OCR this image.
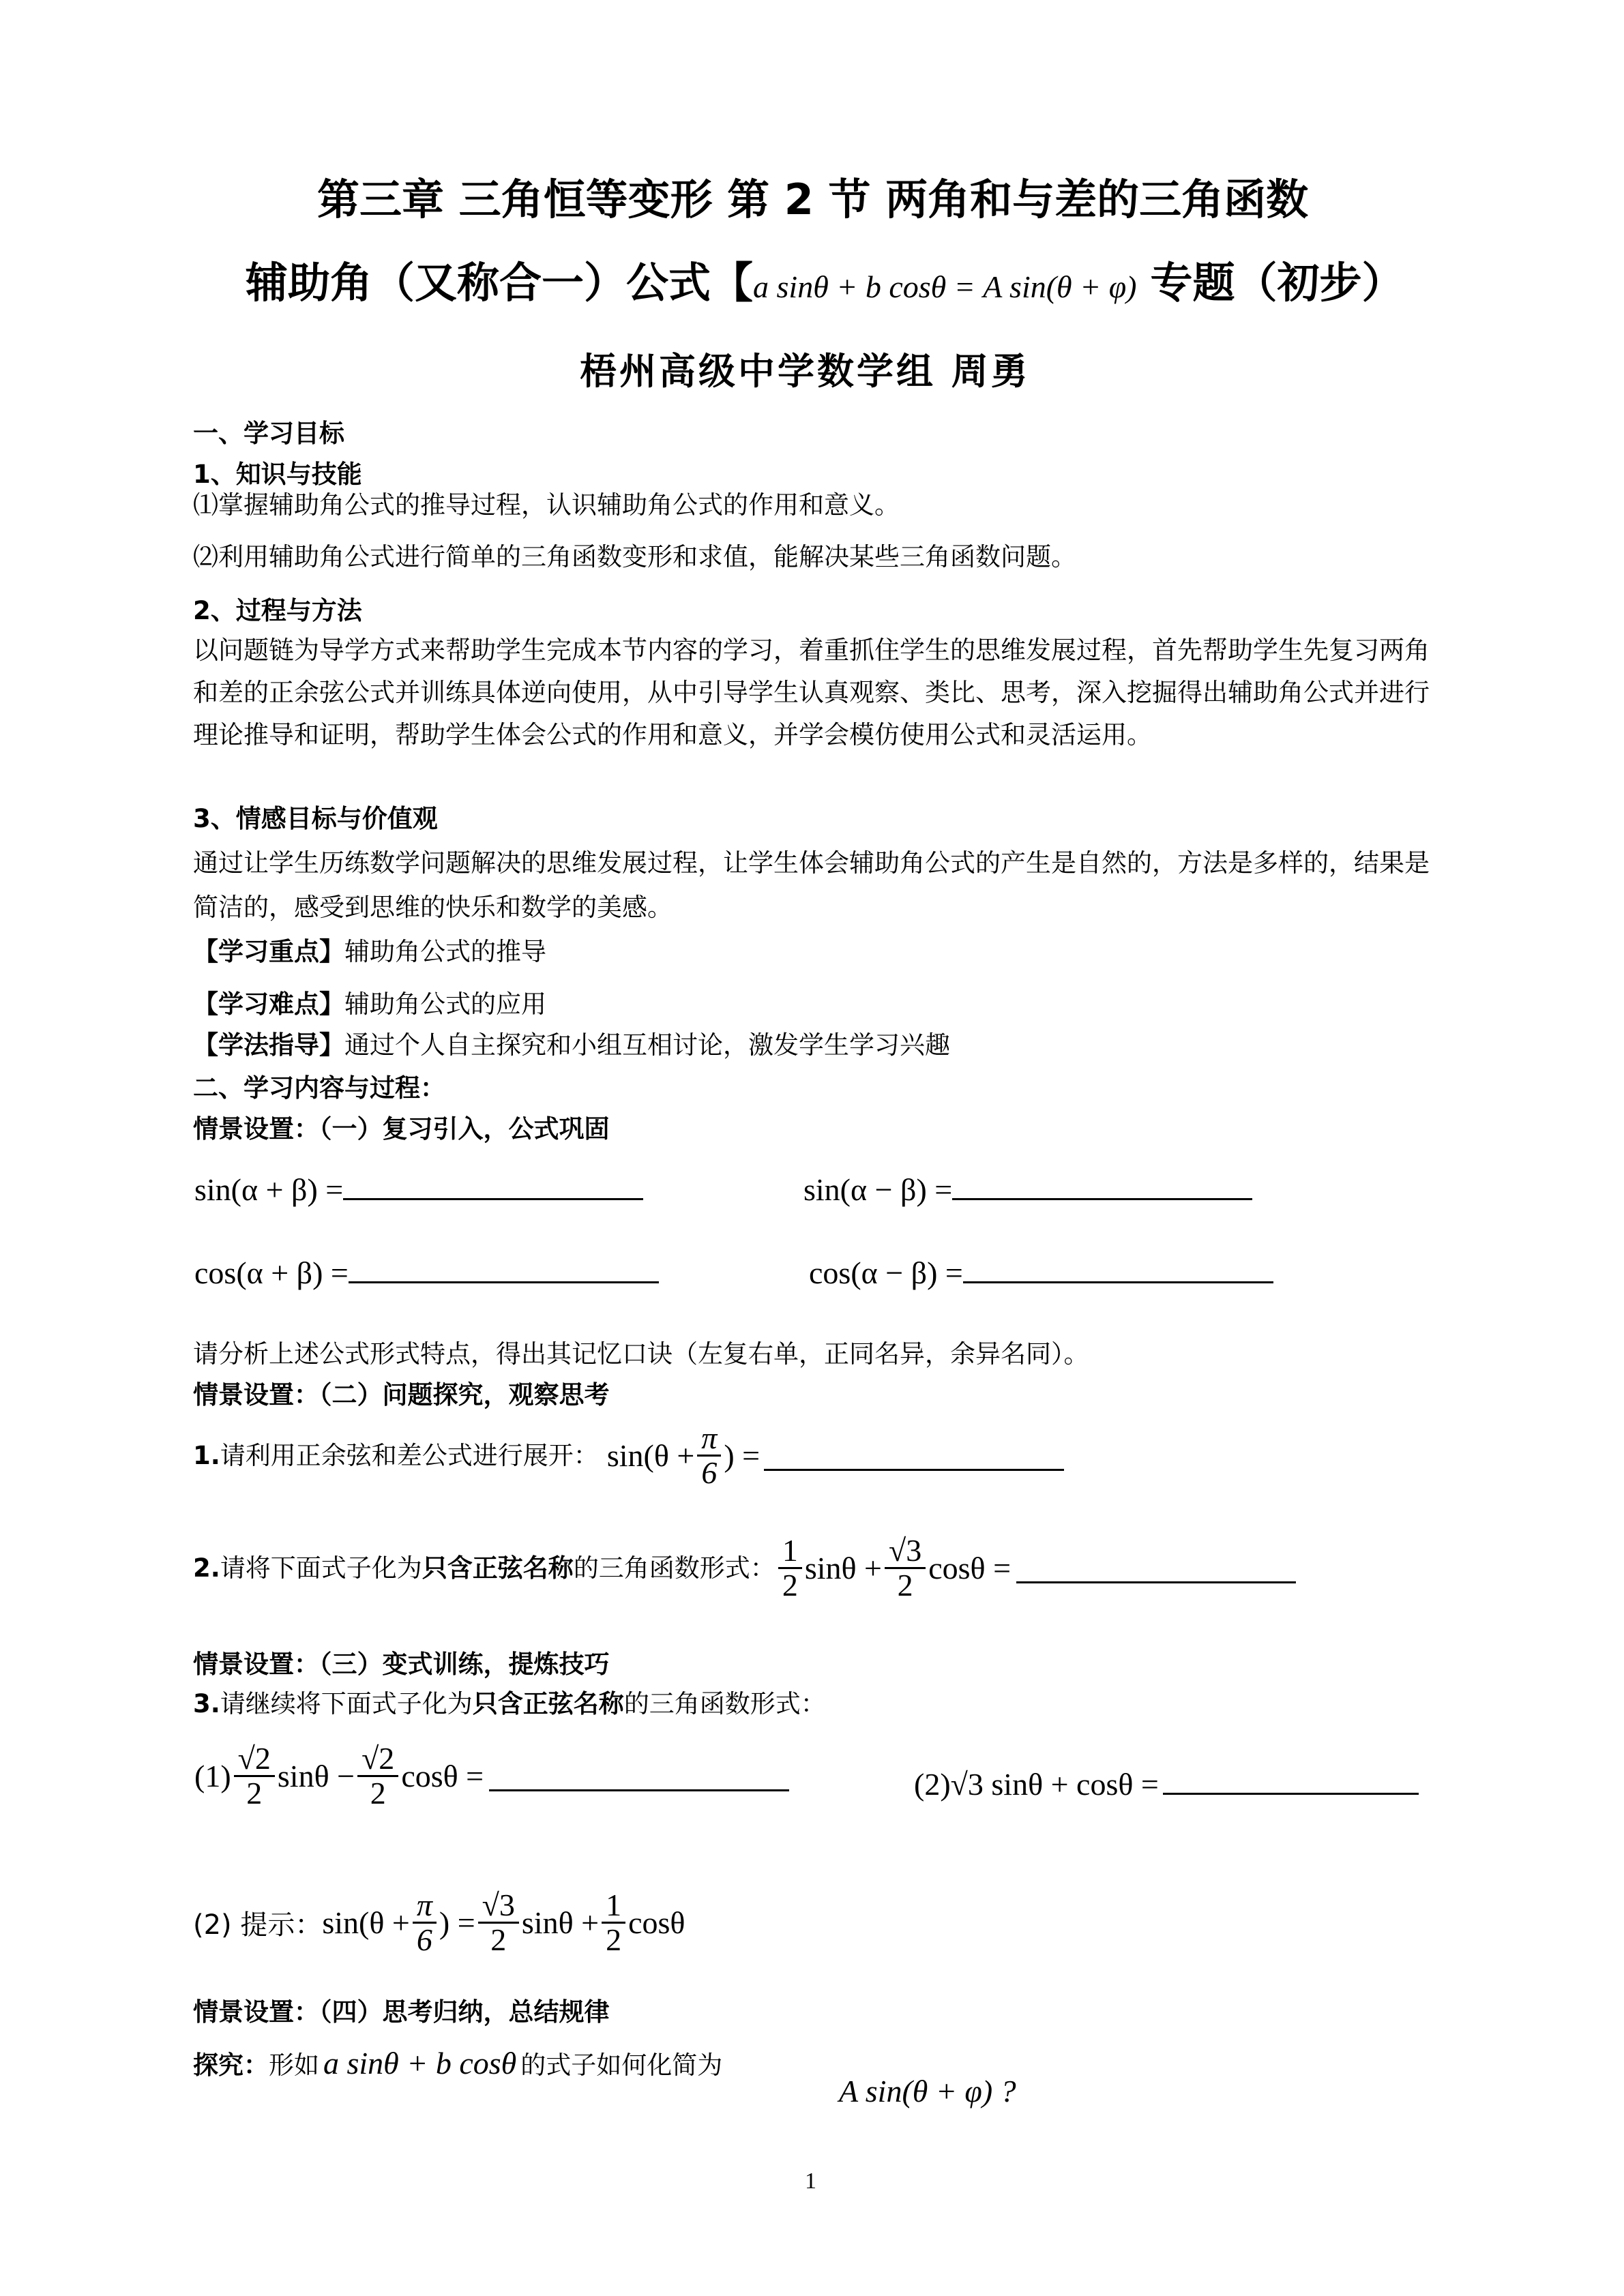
第三章 三角恒等变形 第 2 节 两角和与差的三角函数
辅助角（又称合一）公式【a sinθ + b cosθ = A sin(θ + φ) 专题（初步）
梧州高级中学数学组 周勇
一、学习目标
1、知识与技能
⑴掌握辅助角公式的推导过程，认识辅助角公式的作用和意义。
⑵利用辅助角公式进行简单的三角函数变形和求值，能解决某些三角函数问题。
2、过程与方法
以问题链为导学方式来帮助学生完成本节内容的学习，着重抓住学生的思维发展过程，首先帮助学生先复习两角和差的正余弦公式并训练具体逆向使用，从中引导学生认真观察、类比、思考，深入挖掘得出辅助角公式并进行理论推导和证明，帮助学生体会公式的作用和意义，并学会模仿使用公式和灵活运用。
3、情感目标与价值观
通过让学生历练数学问题解决的思维发展过程，让学生体会辅助角公式的产生是自然的，方法是多样的，结果是简洁的，感受到思维的快乐和数学的美感。
【学习重点】辅助角公式的推导
【学习难点】辅助角公式的应用
【学法指导】通过个人自主探究和小组互相讨论，激发学生学习兴趣
二、学习内容与过程：
情景设置：（一）复习引入，公式巩固
sin(α + β) =	sin(α − β) =
cos(α + β) =	cos(α − β) =
请分析上述公式形式特点，得出其记忆口诀（左复右单，正同名异，余异名同）。
情景设置：（二）问题探究，观察思考
1. 请利用正余弦和差公式进行展开： $\sin(\theta + \frac{\pi}{6}$ ) =
2. 请将下面式子化为 只含正弦名称 的三角函数形式： $\frac{1}{2}$ $\sin\theta + \frac{√3}{2}$ cosθ =
情景设置：（三）变式训练，提炼技巧
3.请继续将下面式子化为只含正弦名称的三角函数形式：
$(1) \frac{√2}{2}$ $\sin\theta - \frac{√2}{2}$ cosθ =	(2)√3 sinθ + cosθ =
(2) 提示： $\sin(\theta + \frac{\pi}{6}$ ) = $\frac{√3}{2}$ $\sin\theta + \frac{1}{2}$ cosθ
情景设置：（四）思考归纳，总结规律
探究：形如 a sinθ + b cosθ 的式子如何化简为
A sin(θ + φ) ?
1
